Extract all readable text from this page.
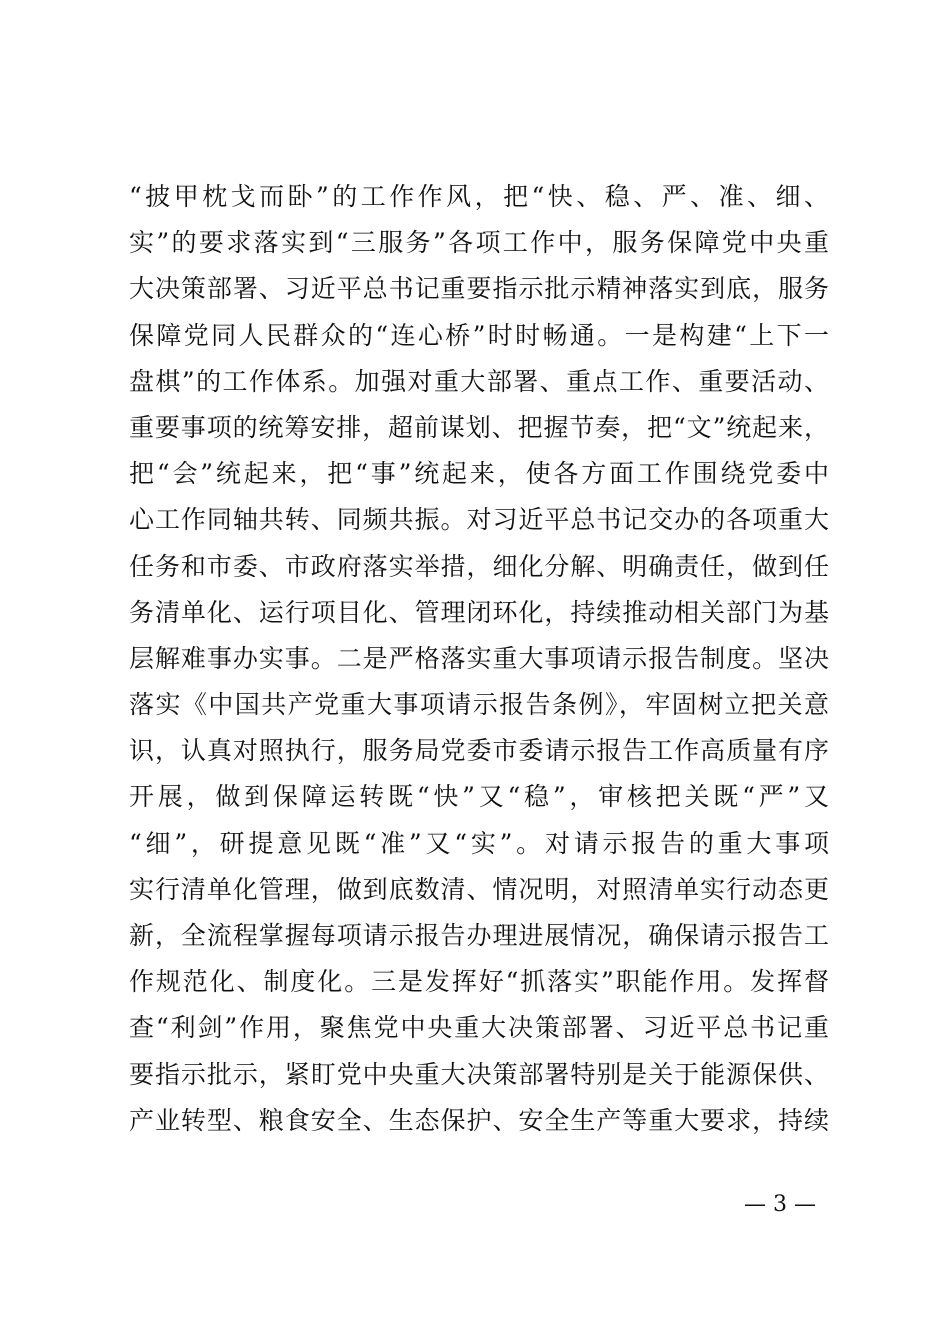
“披甲枕戈而卧”的工作作风，把“快、稳、严、准、细、
实”的要求落实到“三服务”各项工作中，服务保障党中央重
大决策部署、习近平总书记重要指示批示精神落实到底，服务
保障党同人民群众的“连心桥”时时畅通。一是构建“上下一
盘棋”的工作体系。加强对重大部署、重点工作、重要活动、
重要事项的统筹安排，超前谋划、把握节奏，把“文”统起来，
把“会”统起来，把“事”统起来，使各方面工作围绕党委中
心工作同轴共转、同频共振。对习近平总书记交办的各项重大
任务和市委、市政府落实举措，细化分解、明确责任，做到任
务清单化、运行项目化、管理闭环化，持续推动相关部门为基
层解难事办实事。二是严格落实重大事项请示报告制度。坚决
落实《中国共产党重大事项请示报告条例》，牢固树立把关意
识，认真对照执行，服务局党委市委请示报告工作高质量有序
开展，做到保障运转既“快”又“稳”，审核把关既“严”又
“细”，研提意见既“准”又“实”。对请示报告的重大事项
实行清单化管理，做到底数清、情况明，对照清单实行动态更
新，全流程掌握每项请示报告办理进展情况，确保请示报告工
作规范化、制度化。三是发挥好“抓落实”职能作用。发挥督
查“利剑”作用，聚焦党中央重大决策部署、习近平总书记重
要指示批示，紧盯党中央重大决策部署特别是关于能源保供、
产业转型、粮食安全、生态保护、安全生产等重大要求，持续
— 3 —
